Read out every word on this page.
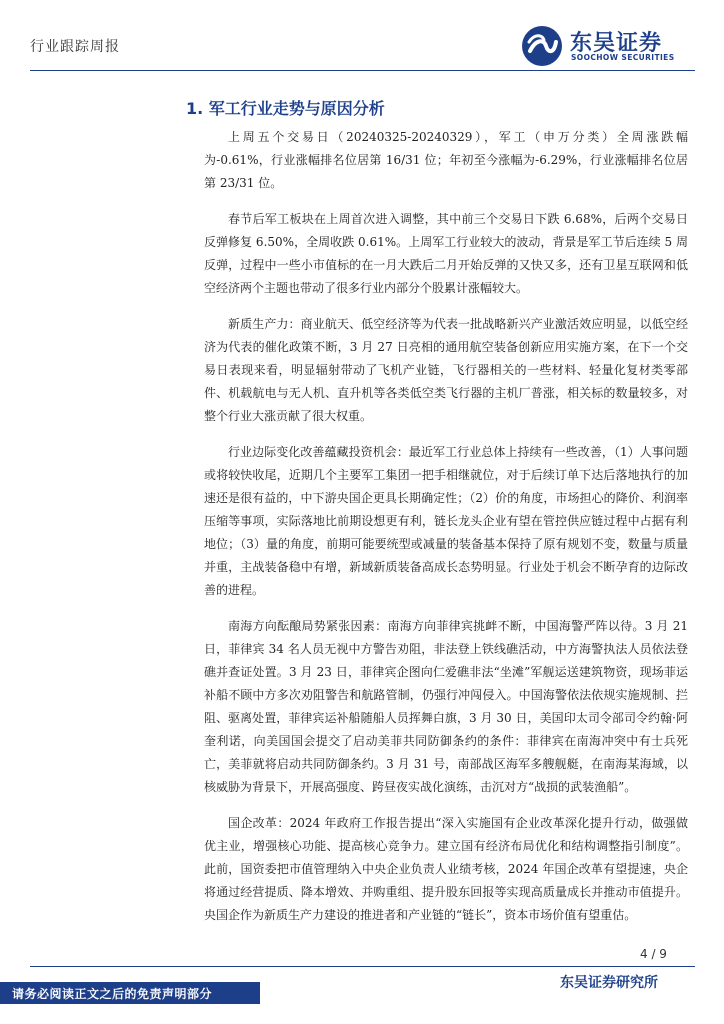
行业跟踪周报	东吴证券
SOOCHOW SECURITIES
1. 军工行业走势与原因分析

上周五个交易日（20240325-20240329），军工（申万分类）全周涨跌幅为-0.61%，行业涨幅排名位居第 16/31 位；年初至今涨幅为-6.29%，行业涨幅排名位居第 23/31 位。

春节后军工板块在上周首次进入调整，其中前三个交易日下跌 6.68%，后两个交易日反弹修复 6.50%，全周收跌 0.61%。上周军工行业较大的波动，背景是军工节后连续 5 周反弹，过程中一些小市值标的在一月大跌后二月开始反弹的又快又多，还有卫星互联网和低空经济两个主题也带动了很多行业内部分个股累计涨幅较大。

新质生产力：商业航天、低空经济等为代表一批战略新兴产业激活效应明显，以低空经济为代表的催化政策不断，3 月 27 日亮相的通用航空装备创新应用实施方案，在下一个交易日表现来看，明显辐射带动了飞机产业链，飞行器相关的一些材料、轻量化复材类零部件、机载航电与无人机、直升机等各类低空类飞行器的主机厂普涨，相关标的数量较多，对整个行业大涨贡献了很大权重。

行业边际变化改善蕴藏投资机会：最近军工行业总体上持续有一些改善，（1）人事问题或将较快收尾，近期几个主要军工集团一把手相继就位，对于后续订单下达后落地执行的加速还是很有益的，中下游央国企更具长期确定性；（2）价的角度，市场担心的降价、利润率压缩等事项，实际落地比前期设想更有利，链长龙头企业有望在管控供应链过程中占据有利地位；（3）量的角度，前期可能要统型或减量的装备基本保持了原有规划不变，数量与质量并重，主战装备稳中有增，新域新质装备高成长态势明显。行业处于机会不断孕育的边际改善的进程。

南海方向酝酿局势紧张因素：南海方向菲律宾挑衅不断，中国海警严阵以待。3 月 21 日，菲律宾 34 名人员无视中方警告劝阻，非法登上铁线礁活动，中方海警执法人员依法登礁并查证处置。3 月 23 日，菲律宾企图向仁爱礁非法“坐滩”军舰运送建筑物资，现场菲运补船不顾中方多次劝阻警告和航路管制，仍强行冲闯侵入。中国海警依法依规实施规制、拦阻、驱离处置，菲律宾运补船随船人员挥舞白旗，3 月 30 日，美国印太司令部司令约翰·阿奎利诺，向美国国会提交了启动美菲共同防御条约的条件：菲律宾在南海冲突中有士兵死亡，美菲就将启动共同防御条约。3 月 31 号，南部战区海军多艘舰艇，在南海某海域，以核威胁为背景下，开展高强度、跨昼夜实战化演练，击沉对方“战损的武装渔船”。

国企改革：2024 年政府工作报告提出“深入实施国有企业改革深化提升行动，做强做优主业，增强核心功能、提高核心竞争力。建立国有经济布局优化和结构调整指引制度”。此前，国资委把市值管理纳入中央企业负责人业绩考核，2024 年国企改革有望提速，央企将通过经营提质、降本增效、并购重组、提升股东回报等实现高质量成长并推动市值提升。央国企作为新质生产力建设的推进者和产业链的“链长”，资本市场价值有望重估。

4 / 9
东吴证券研究所
请务必阅读正文之后的免责声明部分
